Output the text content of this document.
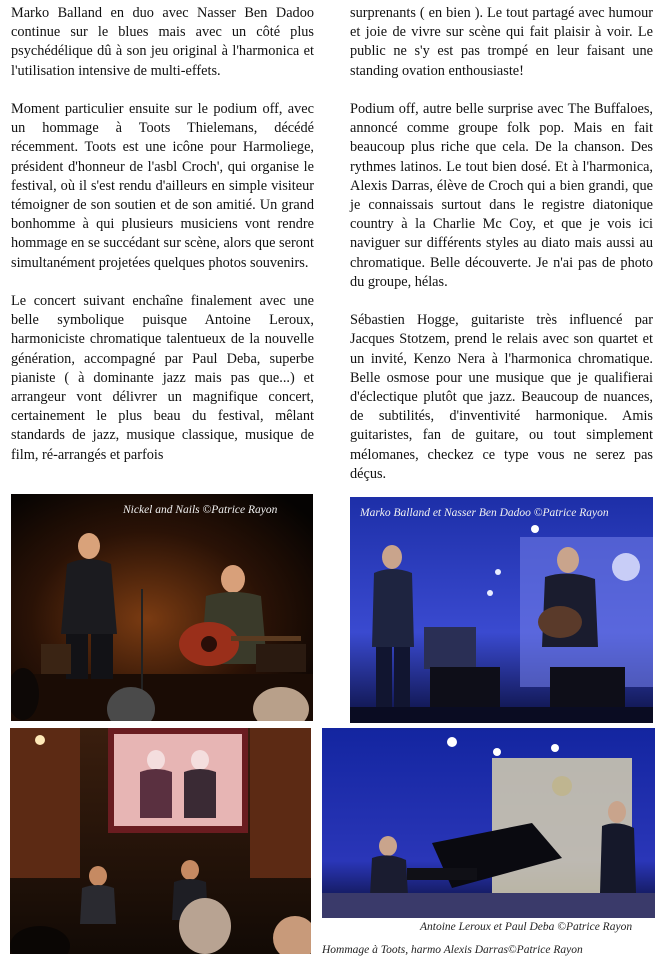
Marko Balland en duo avec Nasser Ben Dadoo continue sur le blues mais avec un côté plus psychédélique dû à son jeu original à l'harmonica et l'utilisation intensive de multi-effets.

Moment particulier ensuite sur le podium off, avec un hommage à Toots Thielemans, décédé récemment. Toots est une icône pour Harmoliege, président d'honneur de l'asbl Croch', qui organise le festival, où il s'est rendu d'ailleurs en simple visiteur témoigner de son soutien et de son amitié. Un grand bonhomme à qui plusieurs musiciens vont rendre hommage en se succédant sur scène, alors que seront simultanément projetées quelques photos souvenirs.

Le concert suivant enchaîne finalement avec une belle symbolique puisque Antoine Leroux, harmoniciste chromatique talentueux de la nouvelle génération, accompagné par Paul Deba, superbe pianiste ( à dominante jazz mais pas que...) et arrangeur vont délivrer un magnifique concert, certainement le plus beau du festival, mêlant standards de jazz, musique classique, musique de film, ré-arrangés et parfois

surprenants ( en bien ). Le tout partagé avec humour et joie de vivre sur scène qui fait plaisir à voir. Le public ne s'y est pas trompé en leur faisant une standing ovation enthousiaste!

Podium off, autre belle surprise avec The Buffaloes, annoncé comme groupe folk pop. Mais en fait beaucoup plus riche que cela. De la chanson. Des rythmes latinos. Le tout bien dosé. Et à l'harmonica, Alexis Darras, élève de Croch qui a bien grandi, que je connaissais surtout dans le registre diatonique country à la Charlie Mc Coy, et que je vois ici naviguer sur différents styles au diato mais aussi au chromatique. Belle découverte. Je n'ai pas de photo du groupe, hélas.

Sébastien Hogge, guitariste très influencé par Jacques Stotzem, prend le relais avec son quartet et un invité, Kenzo Nera à l'harmonica chromatique. Belle osmose pour une musique que je qualifierai d'éclectique plutôt que jazz. Beaucoup de nuances, de subtilités, d'inventivité harmonique. Amis guitaristes, fan de guitare, ou tout simplement mélomanes, checkez ce type vous ne serez pas déçus.

Nickel and Nails ©Patrice Rayon	Marko Balland et Nasser Ben Dadoo ©Patrice Rayon
Antoine Leroux et Paul Deba ©Patrice Rayon
Hommage à Toots, harmo Alexis Darras©Patrice Rayon
